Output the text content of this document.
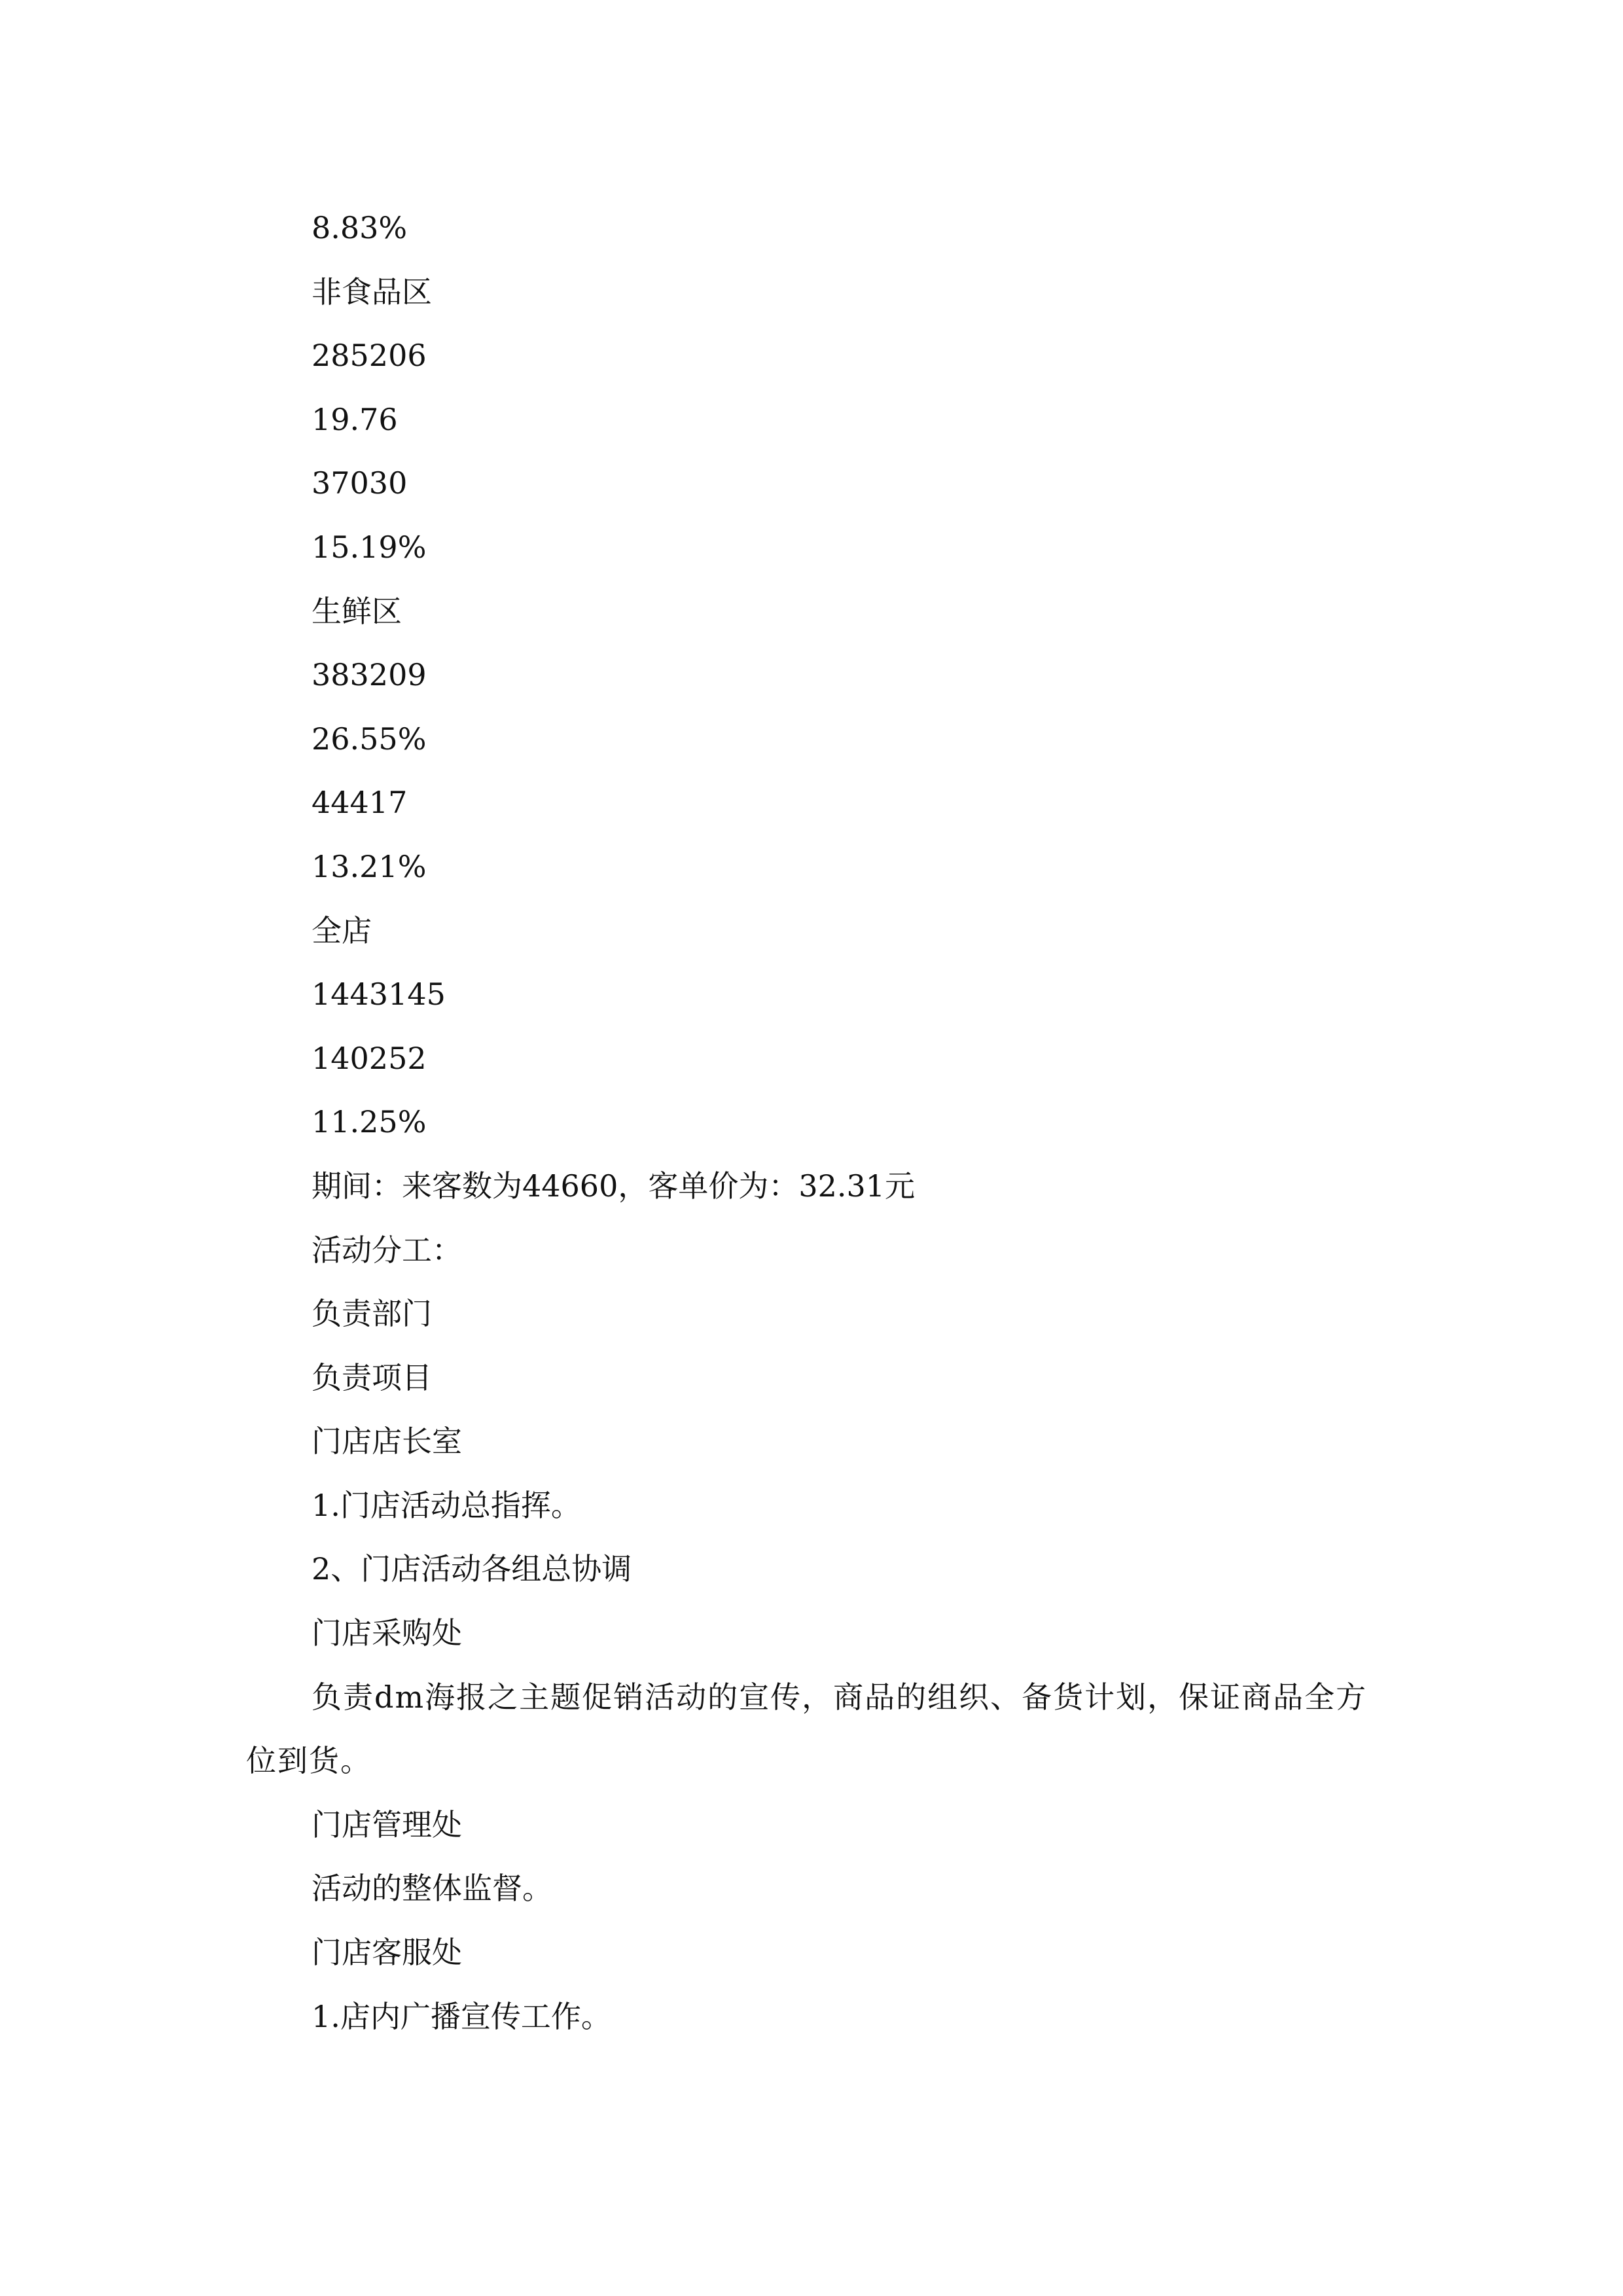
8.83%

非食品区

285206

19.76

37030

15.19%

生鲜区

383209

26.55%

44417

13.21%

全店

1443145

140252

11.25%

期间：来客数为44660，客单价为：32.31元

活动分工：

负责部门

负责项目

门店店长室

1.门店活动总指挥。

2、门店活动各组总协调

门店采购处

负责dm海报之主题促销活动的宣传，商品的组织、备货计划，保证商品全方位到货。

门店管理处

活动的整体监督。

门店客服处

1.店内广播宣传工作。
